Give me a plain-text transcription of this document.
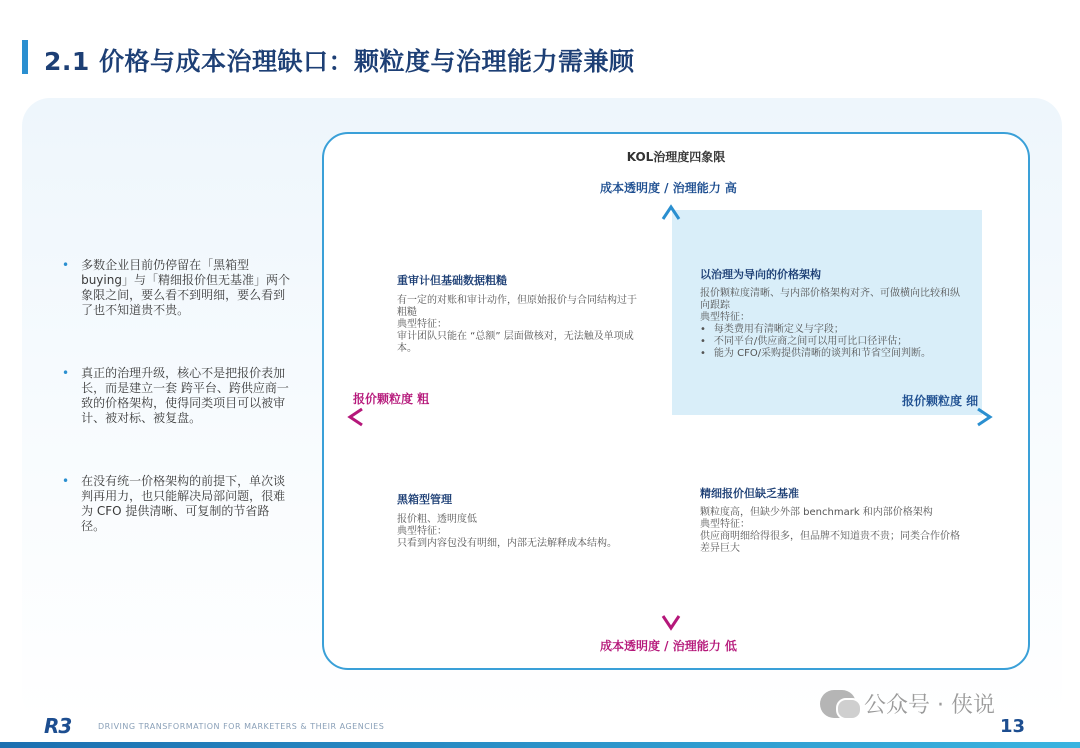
2.1 价格与成本治理缺口：颗粒度与治理能力需兼顾
• 多数企业目前仍停留在「黑箱型buying」与「精细报价但无基准」两个象限之间，要么看不到明细，要么看到了也不知道贵不贵。
• 真正的治理升级，核心不是把报价表加长，而是建立一套 跨平台、跨供应商一致的价格架构，使得同类项目可以被审计、被对标、被复盘。
• 在没有统一价格架构的前提下，单次谈判再用力，也只能解决局部问题，很难为 CFO 提供清晰、可复制的节省路径。
KOL治理度四象限
成本透明度 / 治理能力 高
成本透明度 / 治理能力 低
报价颗粒度 粗	报价颗粒度 细
重审计但基础数据粗糙
有一定的对账和审计动作，但原始报价与合同结构过于粗糙
典型特征：
审计团队只能在 “总额” 层面做核对，无法触及单项成本。
以治理为导向的价格架构
报价颗粒度清晰、与内部价格架构对齐、可做横向比较和纵向跟踪
典型特征：
• 每类费用有清晰定义与字段；
• 不同平台/供应商之间可以用可比口径评估；
• 能为 CFO/采购提供清晰的谈判和节省空间判断。
黑箱型管理
报价粗、透明度低
典型特征：
只看到内容包没有明细，内部无法解释成本结构。
精细报价但缺乏基准
颗粒度高，但缺少外部 benchmark 和内部价格架构
典型特征：
供应商明细给得很多，但品牌不知道贵不贵；同类合作价格差异巨大
R3	DRIVING TRANSFORMATION FOR MARKETERS & THEIR AGENCIES
公众号 · 侠说
13
